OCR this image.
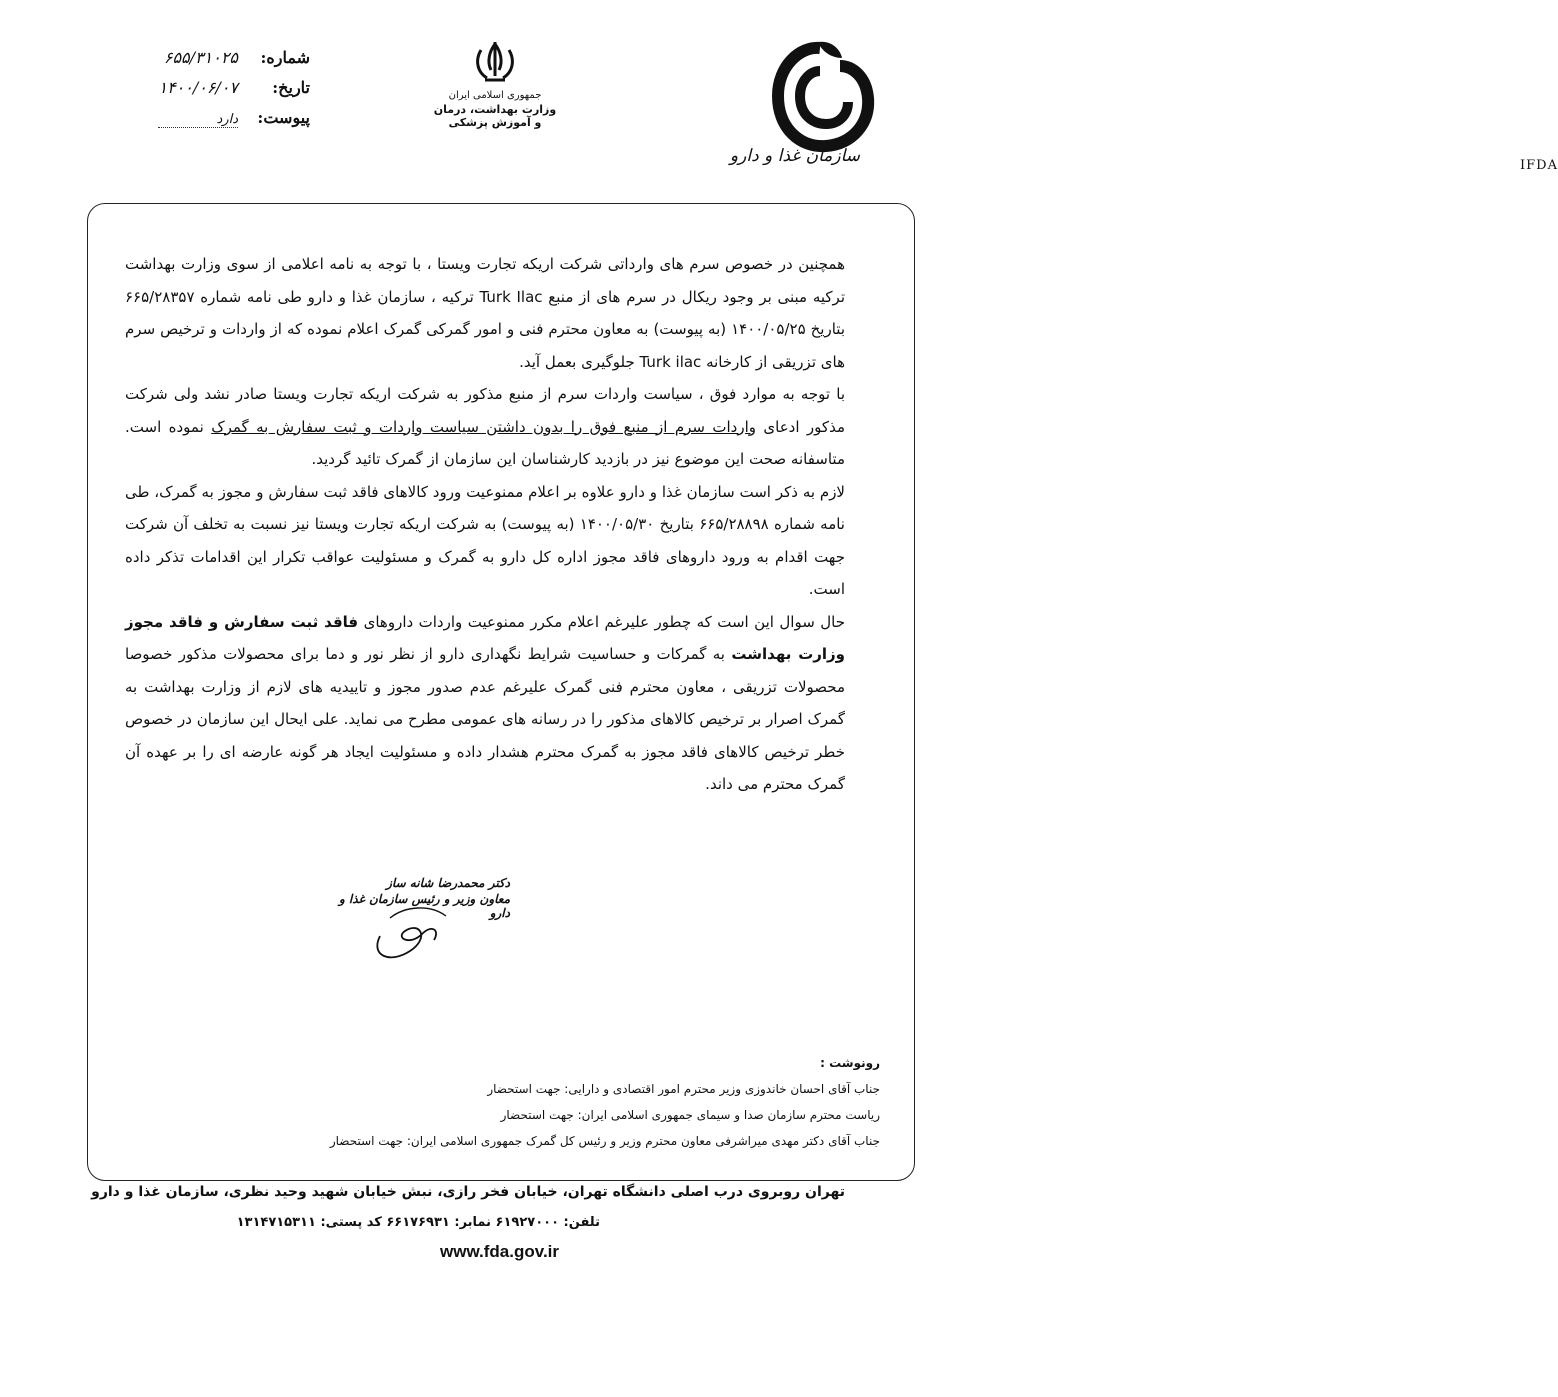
IFDA
سازمان غذا و دارو
جمهوری اسلامی ایران
وزارت بهداشت، درمان
و آموزش پزشکی
شماره:
۶۵۵/۳۱۰۲۵
تاریخ:
۱۴۰۰/۰۶/۰۷
پیوست:
دارد

همچنین در خصوص سرم های وارداتی شرکت اریکه تجارت ویستا ، با توجه به نامه اعلامی از سوی وزارت بهداشت ترکیه مبنی بر وجود ریکال در سرم های از منبع Turk Ilac ترکیه ، سازمان غذا و دارو طی نامه شماره ۶۶۵/۲۸۳۵۷ بتاریخ ۱۴۰۰/۰۵/۲۵ (به پیوست) به معاون محترم فنی و امور گمرکی گمرک اعلام نموده که از واردات و ترخیص سرم های تزریقی از کارخانه Turk ilac جلوگیری بعمل آید.

با توجه به موارد فوق ، سیاست واردات سرم از منبع مذکور به شرکت اریکه تجارت ویستا صادر نشد ولی شرکت مذکور ادعای واردات سرم از منبع فوق را بدون داشتن سیاست واردات و ثبت سفارش به گمرک نموده است. متاسفانه صحت این موضوع نیز در بازدید کارشناسان این سازمان از گمرک تائید گردید.

لازم به ذکر است سازمان غذا و دارو علاوه بر اعلام ممنوعیت ورود کالاهای فاقد ثبت سفارش و مجوز به گمرک، طی نامه شماره ۶۶۵/۲۸۸۹۸ بتاریخ ۱۴۰۰/۰۵/۳۰ (به پیوست) به شرکت اریکه تجارت ویستا نیز نسبت به تخلف آن شرکت جهت اقدام به ورود داروهای فاقد مجوز اداره کل دارو به گمرک و مسئولیت عواقب تکرار این اقدامات تذکر داده است.

حال سوال این است که چطور علیرغم اعلام مکرر ممنوعیت واردات داروهای فاقد ثبت سفارش و فاقد مجوز وزارت بهداشت به گمرکات و حساسیت شرایط نگهداری دارو از نظر نور و دما برای محصولات مذکور خصوصا محصولات تزریقی ، معاون محترم فنی گمرک علیرغم عدم صدور مجوز و تاییدیه های لازم از وزارت بهداشت به گمرک اصرار بر ترخیص کالاهای مذکور را در رسانه های عمومی مطرح می نماید. علی ایحال این سازمان در خصوص خطر ترخیص کالاهای فاقد مجوز به گمرک محترم هشدار داده و مسئولیت ایجاد هر گونه عارضه ای را بر عهده آن گمرک محترم می داند.

دکتر محمدرضا شانه ساز
معاون وزیر و رئیس سازمان غذا و دارو
رونوشت :
جناب آقای احسان خاندوزی وزیر محترم امور اقتصادی و دارایی: جهت استحضار
ریاست محترم سازمان صدا و سیمای جمهوری اسلامی ایران: جهت استحضار
جناب آقای دکتر مهدی میراشرفی معاون محترم وزیر و رئیس کل گمرک جمهوری اسلامی ایران: جهت استحضار
تهران روبروی درب اصلی دانشگاه تهران، خیابان فخر رازی، نبش خیابان شهید وحید نظری، سازمان غذا و دارو
تلفن: ۶۱۹۲۷۰۰۰ نمابر: ۶۶۱۷۶۹۳۱ کد پستی: ۱۳۱۴۷۱۵۳۱۱
www.fda.gov.ir
